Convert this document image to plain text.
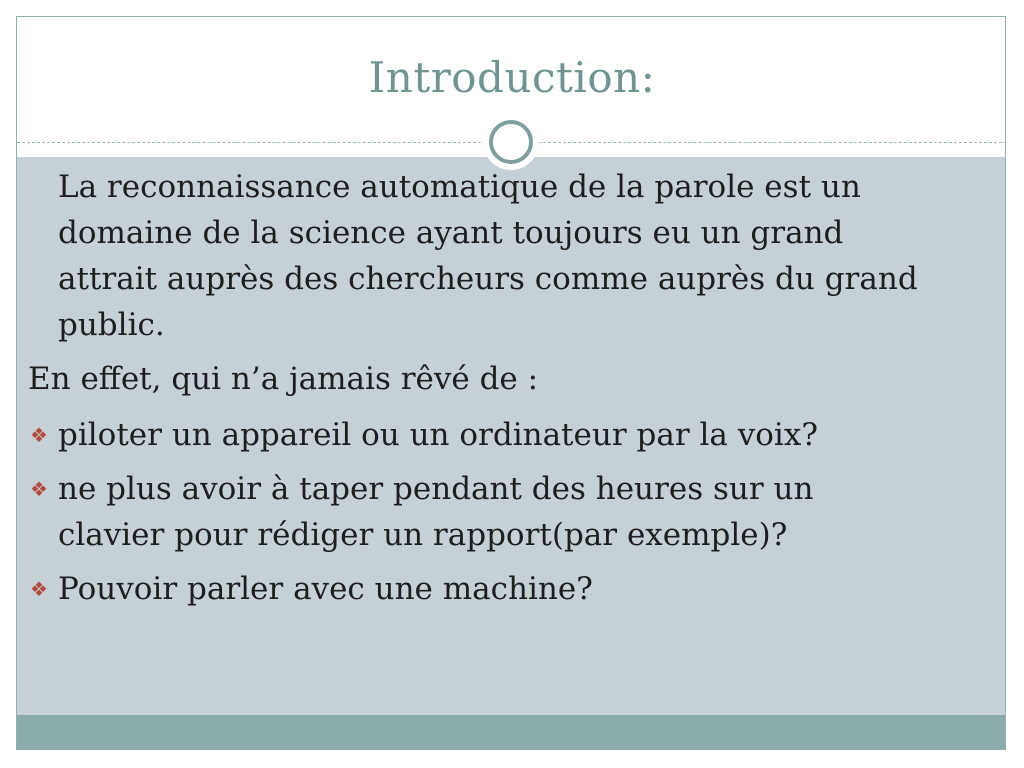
Introduction:

La reconnaissance automatique de la parole est un domaine de la science ayant toujours eu un grand attrait auprès des chercheurs comme auprès du grand public.

En effet, qui n’a jamais rêvé de :

❖ piloter un appareil ou un ordinateur par la voix?
❖ ne plus avoir à taper pendant des heures sur un clavier pour rédiger un rapport(par exemple)?
❖ Pouvoir parler avec une machine?
